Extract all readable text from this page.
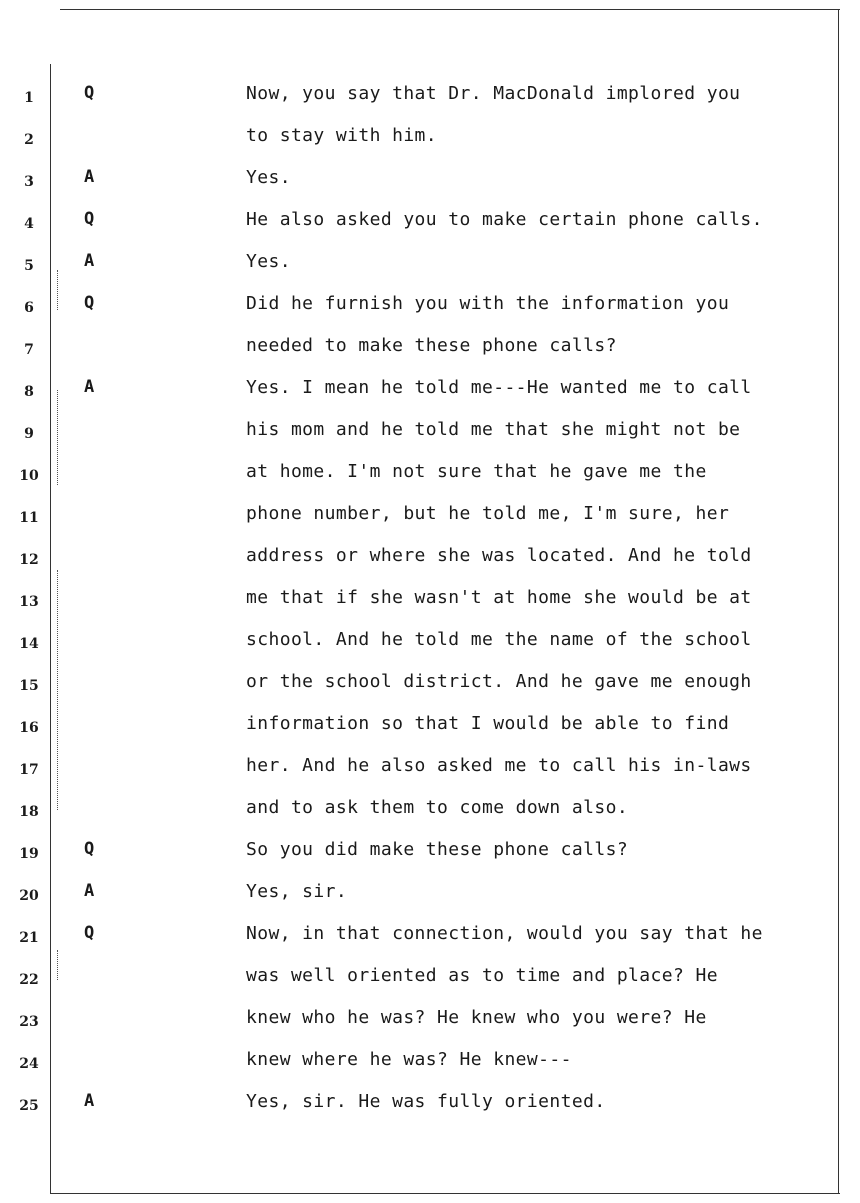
1	Q	Now, you say that Dr. MacDonald implored you
2	to stay with him.
3	A	Yes.
4	Q	He also asked you to make certain phone calls.
5	A	Yes.
6	Q	Did he furnish you with the information you
7	needed to make these phone calls?
8	A	Yes. I mean he told me---He wanted me to call
9	his mom and he told me that she might not be
10	at home. I'm not sure that he gave me the
11	phone number, but he told me, I'm sure, her
12	address or where she was located. And he told
13	me that if she wasn't at home she would be at
14	school. And he told me the name of the school
15	or the school district. And he gave me enough
16	information so that I would be able to find
17	her. And he also asked me to call his in-laws
18	and to ask them to come down also.
19	Q	So you did make these phone calls?
20	A	Yes, sir.
21	Q	Now, in that connection, would you say that he
22	was well oriented as to time and place? He
23	knew who he was? He knew who you were? He
24	knew where he was? He knew---
25	A	Yes, sir. He was fully oriented.
